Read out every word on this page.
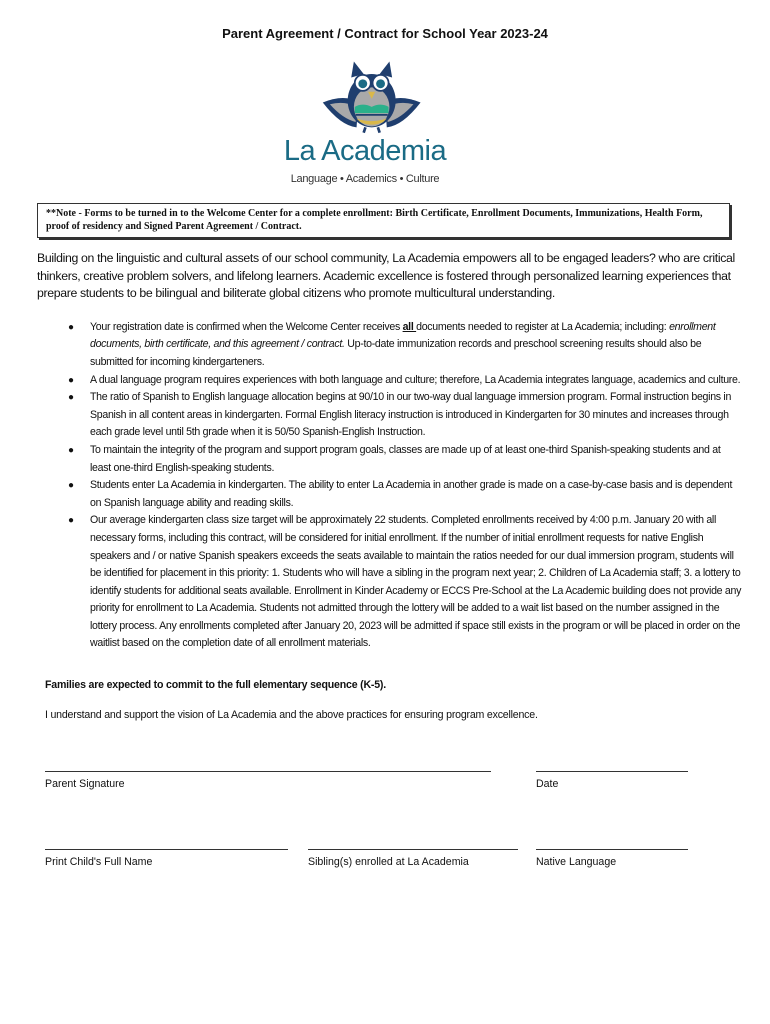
Parent Agreement / Contract for School Year 2023-24
La Academia
Language • Academics • Culture
**Note - Forms to be turned in to the Welcome Center for a complete enrollment: Birth Certificate, Enrollment Documents, Immunizations, Health Form, proof of residency and Signed Parent Agreement / Contract.
Building on the linguistic and cultural assets of our school community, La Academia empowers all to be engaged leaders? who are critical thinkers, creative problem solvers, and lifelong learners. Academic excellence is fostered through personalized learning experiences that prepare students to be bilingual and biliterate global citizens who promote multicultural understanding.
● Your registration date is confirmed when the Welcome Center receives all documents needed to register at La Academia; including: enrollment documents, birth certificate, and this agreement / contract. Up-to-date immunization records and preschool screening results should also be submitted for incoming kindergarteners.
● A dual language program requires experiences with both language and culture; therefore, La Academia integrates language, academics and culture.
● The ratio of Spanish to English language allocation begins at 90/10 in our two-way dual language immersion program. Formal instruction begins in Spanish in all content areas in kindergarten. Formal English literacy instruction is introduced in Kindergarten for 30 minutes and increases through each grade level until 5th grade when it is 50/50 Spanish-English Instruction.
● To maintain the integrity of the program and support program goals, classes are made up of at least one-third Spanish-speaking students and at least one-third English-speaking students.
● Students enter La Academia in kindergarten. The ability to enter La Academia in another grade is made on a case-by-case basis and is dependent on Spanish language ability and reading skills.
● Our average kindergarten class size target will be approximately 22 students. Completed enrollments received by 4:00 p.m. January 20 with all necessary forms, including this contract, will be considered for initial enrollment. If the number of initial enrollment requests for native English speakers and / or native Spanish speakers exceeds the seats available to maintain the ratios needed for our dual immersion program, students will be identified for placement in this priority: 1. Students who will have a sibling in the program next year; 2. Children of La Academia staff; 3. a lottery to identify students for additional seats available. Enrollment in Kinder Academy or ECCS Pre-School at the La Academic building does not provide any priority for enrollment to La Academia. Students not admitted through the lottery will be added to a wait list based on the number assigned in the lottery process. Any enrollments completed after January 20, 2023 will be admitted if space still exists in the program or will be placed in order on the waitlist based on the completion date of all enrollment materials.
Families are expected to commit to the full elementary sequence (K-5).
I understand and support the vision of La Academia and the above practices for ensuring program excellence.
Parent Signature	Date
Print Child's Full Name	Sibling(s) enrolled at La Academia	Native Language
